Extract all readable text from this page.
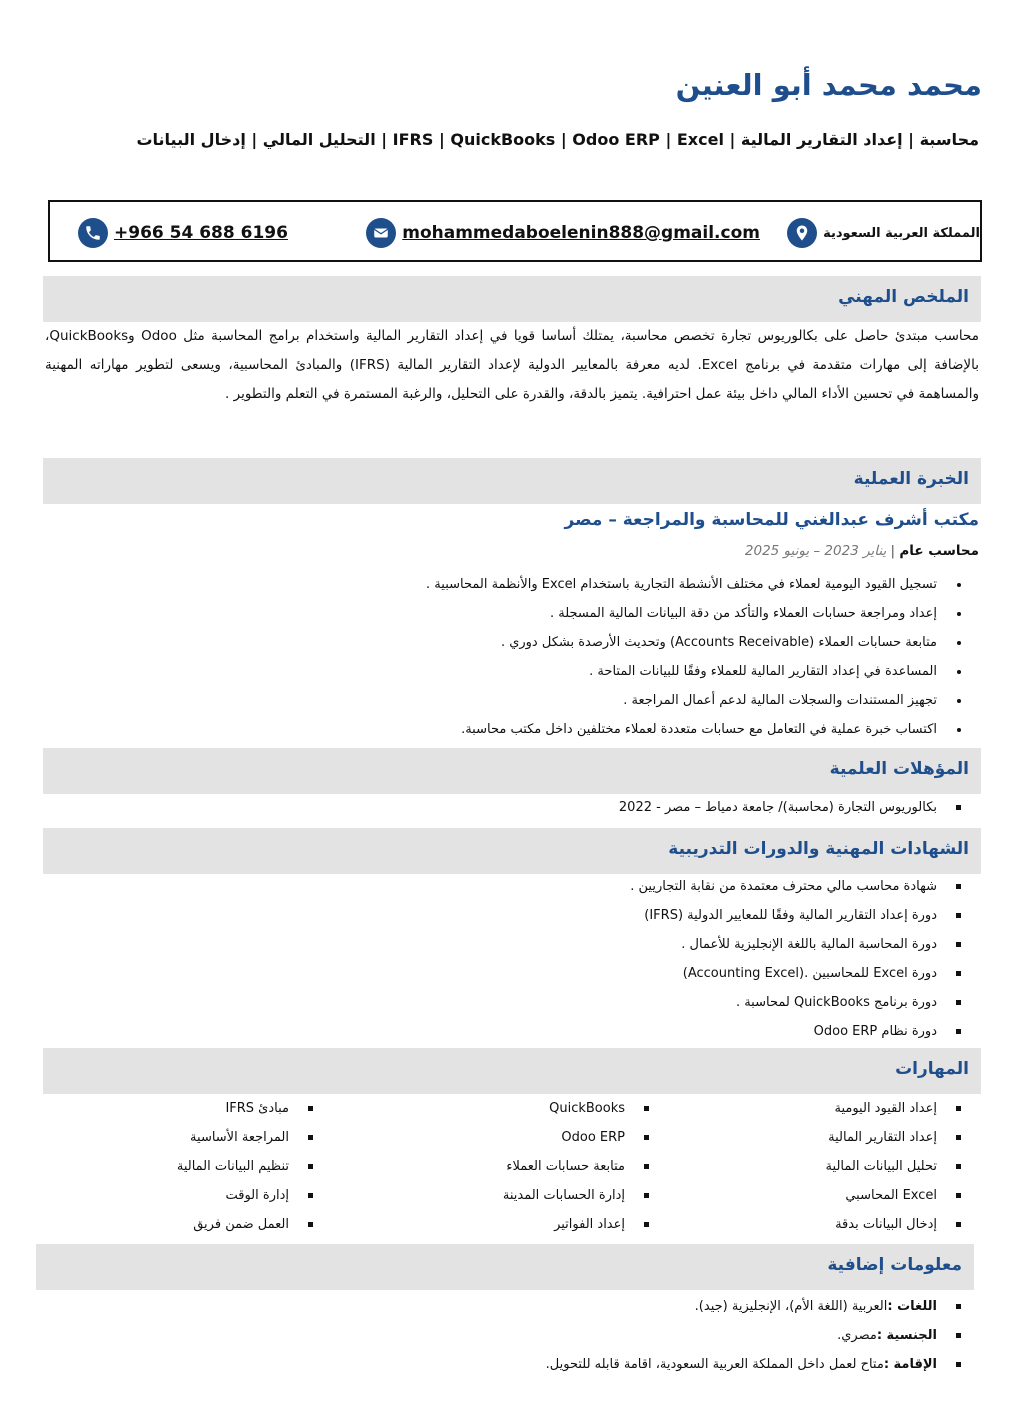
محمد محمد أبو العنين
محاسبة | إعداد التقارير المالية | IFRS | QuickBooks | Odoo ERP | Excel | التحليل المالي | إدخال البيانات
المملكة العربية السعودية
mohammedaboelenin888@gmail.com
+966 54 688 6196
الملخص المهني

محاسب مبتدئ حاصل على بكالوريوس تجارة تخصص محاسبة، يمتلك أساسا قويا في إعداد التقارير المالية واستخدام برامج المحاسبة مثل Odoo وQuickBooks، بالإضافة إلى مهارات متقدمة في برنامج Excel. لديه معرفة بالمعايير الدولية لإعداد التقارير المالية (IFRS) والمبادئ المحاسبية، ويسعى لتطوير مهاراته المهنية والمساهمة في تحسين الأداء المالي داخل بيئة عمل احترافية. يتميز بالدقة، والقدرة على التحليل، والرغبة المستمرة في التعلم والتطوير .

الخبرة العملية
مكتب أشرف عبدالغني للمحاسبة والمراجعة – مصر
محاسب عام | يناير 2023 – يونيو 2025
تسجيل القيود اليومية لعملاء في مختلف الأنشطة التجارية باستخدام Excel والأنظمة المحاسبية .
إعداد ومراجعة حسابات العملاء والتأكد من دقة البيانات المالية المسجلة .
متابعة حسابات العملاء (Accounts Receivable) وتحديث الأرصدة بشكل دوري .
المساعدة في إعداد التقارير المالية للعملاء وفقًا للبيانات المتاحة .
تجهيز المستندات والسجلات المالية لدعم أعمال المراجعة .
اكتساب خبرة عملية في التعامل مع حسابات متعددة لعملاء مختلفين داخل مكتب محاسبة.
المؤهلات العلمية
بكالوريوس التجارة (محاسبة)/ جامعة دمياط – مصر - 2022
الشهادات المهنية والدورات التدريبية
شهادة محاسب مالي محترف معتمدة من نقابة التجاريين .
دورة إعداد التقارير المالية وفقًا للمعايير الدولية (IFRS)
دورة المحاسبة المالية باللغة الإنجليزية للأعمال .
دورة Excel للمحاسبين .(Accounting Excel)
دورة برنامج QuickBooks لمحاسبة .
دورة نظام Odoo ERP
المهارات
إعداد القيود اليومية
إعداد التقارير المالية
تحليل البيانات المالية
Excel المحاسبي
إدخال البيانات بدقة
QuickBooks
Odoo ERP
متابعة حسابات العملاء
إدارة الحسابات المدينة
إعداد الفواتير
مبادئ IFRS
المراجعة الأساسية
تنظيم البيانات المالية
إدارة الوقت
العمل ضمن فريق
معلومات إضافية
اللغات :العربية (اللغة الأم)، الإنجليزية (جيد).
الجنسية :مصري.
الإقامة :متاح لعمل داخل المملكة العربية السعودية، اقامة قابله للتحويل.
